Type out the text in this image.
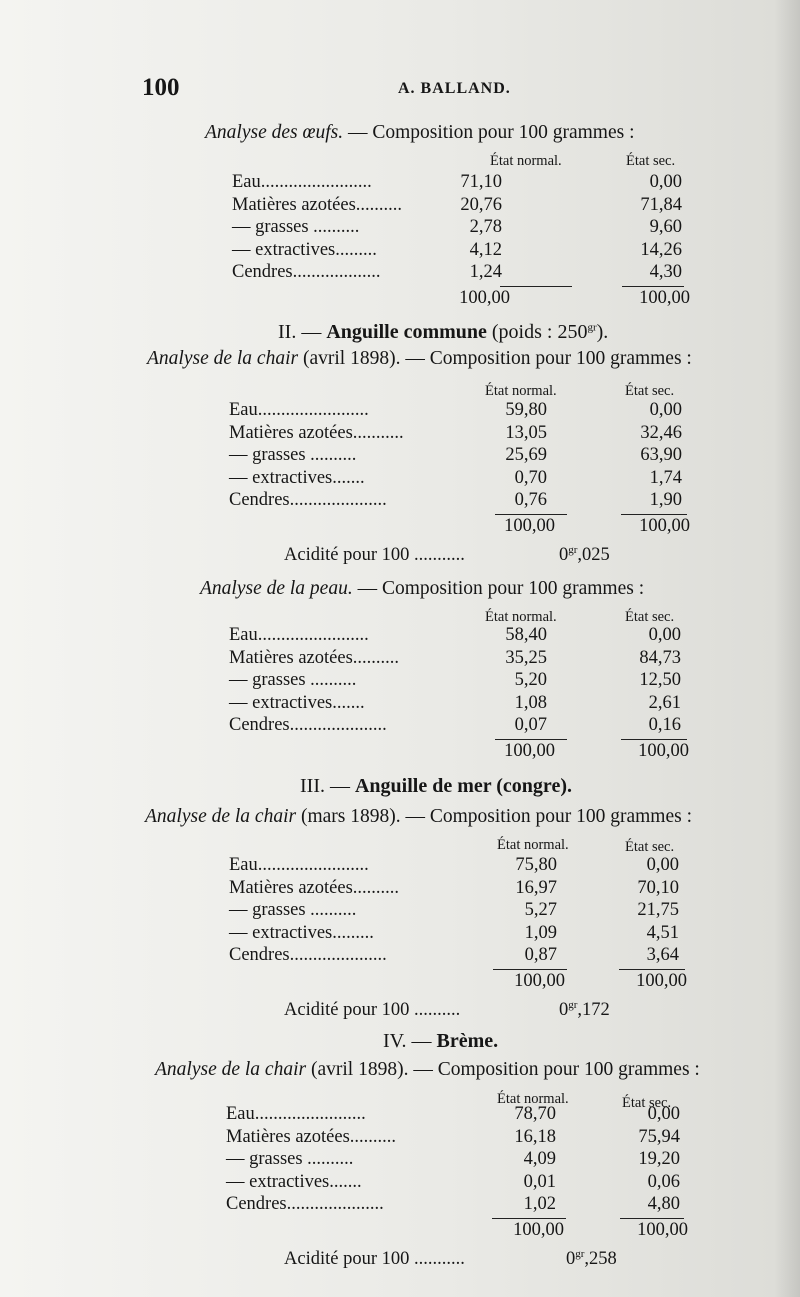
100	A. BALLAND.
Analyse des œufs. — Composition pour 100 grammes :
État normal.	État sec.
Eau........................	71,10	0,00
Matières azotées..........	20,76	71,84
— grasses ..........	2,78	9,60
— extractives.........	4,12	14,26
Cendres...................	1,24	4,30
100,00	100,00
II. — Anguille commune (poids : $250^{gr}$).
Analyse de la chair (avril 1898). — Composition pour 100 grammes :
État normal.	État sec.
Eau........................	59,80	0,00
Matières azotées...........	13,05	32,46
— grasses ..........	25,69	63,90
— extractives.......	0,70	1,74
Cendres.....................	0,76	1,90
100,00	100,00
Acidité pour 100 ...........	$0^{gr},025$
Analyse de la peau. — Composition pour 100 grammes :
État normal.	État sec.
Eau........................	58,40	0,00
Matières azotées..........	35,25	84,73
— grasses ..........	5,20	12,50
— extractives.......	1,08	2,61
Cendres.....................	0,07	0,16
100,00	100,00
III. — Anguille de mer (congre).
Analyse de la chair (mars 1898). — Composition pour 100 grammes :
État normal.	État sec.
Eau........................	75,80	0,00
Matières azotées..........	16,97	70,10
— grasses ..........	5,27	21,75
— extractives.........	1,09	4,51
Cendres.....................	0,87	3,64
100,00	100,00
Acidité pour 100 ..........	$0^{gr},172$
IV. — Brème.
Analyse de la chair (avril 1898). — Composition pour 100 grammes :
État normal.	État sec.
Eau........................	78,70	0,00
Matières azotées..........	16,18	75,94
— grasses ..........	4,09	19,20
— extractives.......	0,01	0,06
Cendres.....................	1,02	4,80
100,00	100,00
Acidité pour 100 ...........	$0^{gr},258$
